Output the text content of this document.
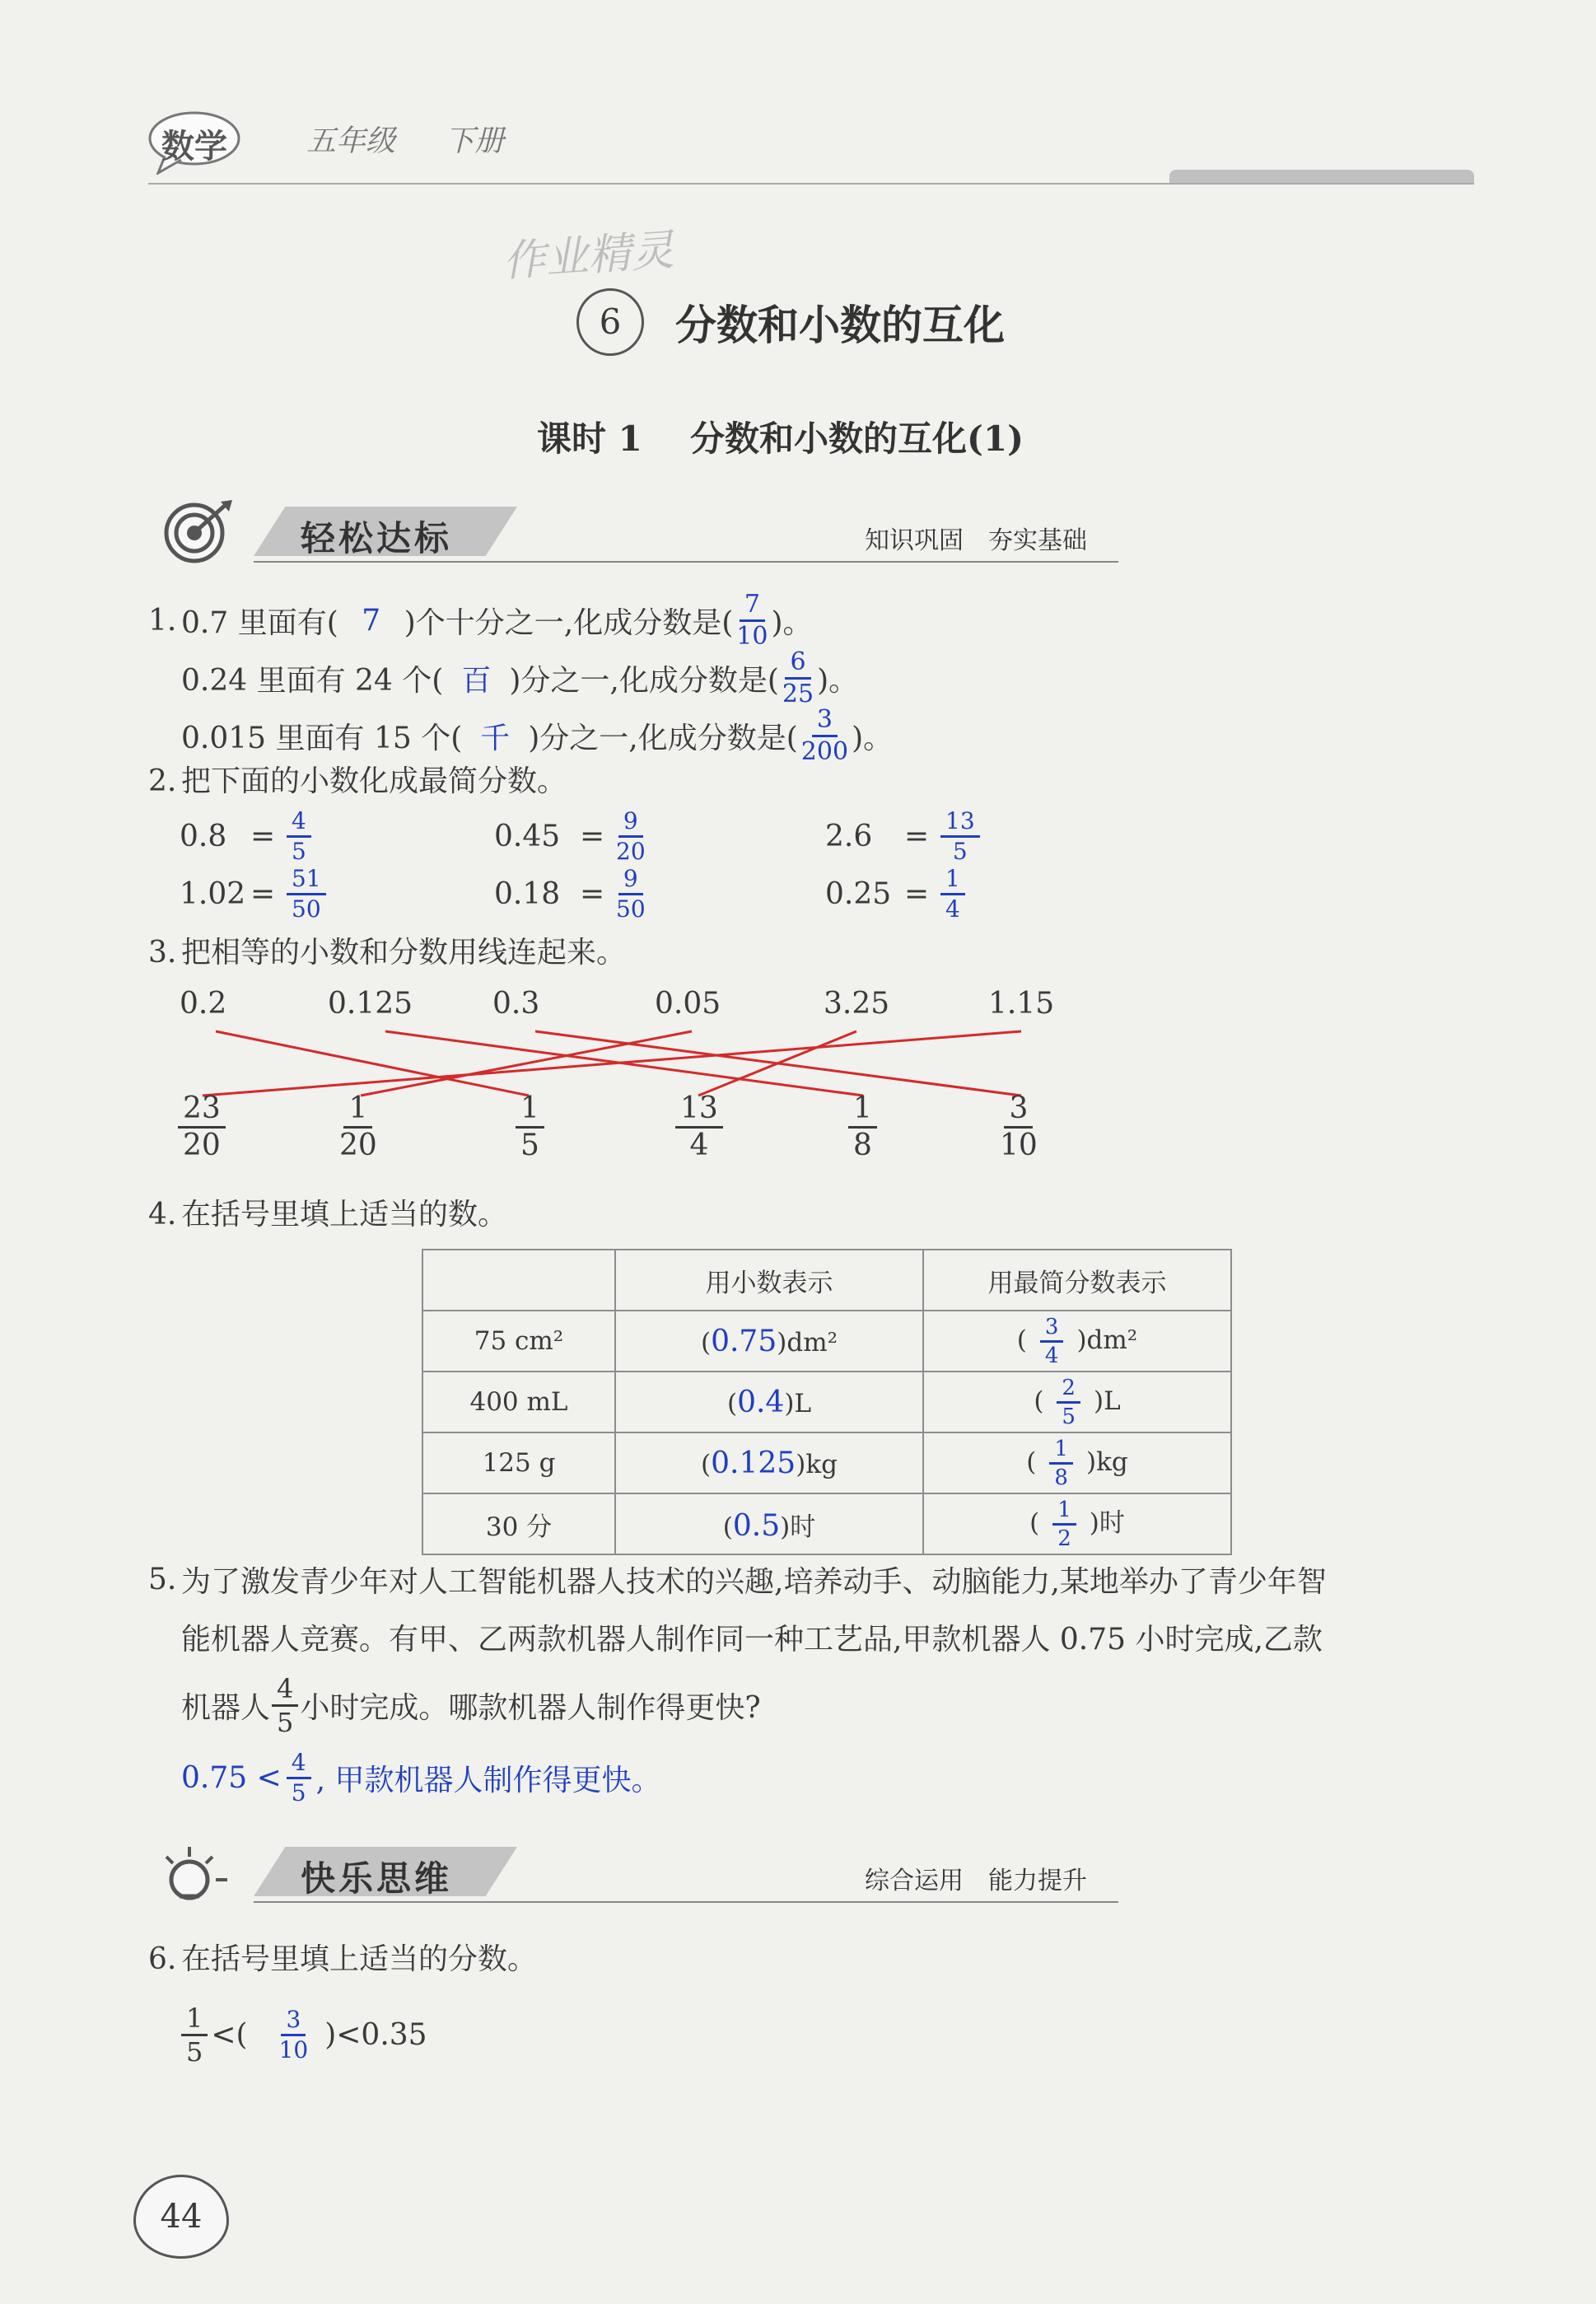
数学	五年级 下册
作业精灵
6	分数和小数的互化
课时 1 分数和小数的互化(1)
轻松达标	知识巩固　夯实基础
1. 0.7 里面有( 7 )个十分之一,化成分数是( $\frac{7}{10}$ )。
0.24 里面有 24 个( 百 )分之一,化成分数是( $\frac{6}{25}$ )。
0.015 里面有 15 个( 千 )分之一,化成分数是( $\frac{3}{200}$ )。
2. 把下面的小数化成最简分数。
$0.8 = \frac{4}{5}$	$0.45 = \frac{9}{20}$	2.6	= $\frac{13}{5}$
$1.02 = \frac{51}{50}$	$0.18 = \frac{9}{50}$	$0.25 = \frac{1}{4}$
3. 把相等的小数和分数用线连起来。
0.2	0.125	0.3	0.05	3.25	1.15
$\frac{23}{20}$	$\frac{1}{20}$	$\frac{1}{5}$	$\frac{13}{4}$	$\frac{1}{8}$	$\frac{3}{10}$
4. 在括号里填上适当的数。
	用小数表示	用最简分数表示
75 cm²	(0.75)dm²	( $\frac{3}{4} )dm^2$
400 mL	(0.4)L	( $\frac{2}{5} )L$
125 g	(0.125)kg	( $\frac{1}{8} )kg$
30 分	(0.5)时	( $\frac{1}{2}$ )时
5. 为了激发青少年对人工智能机器人技术的兴趣,培养动手、动脑能力,某地举办了青少年智
能机器人竞赛。有甲、乙两款机器人制作同一种工艺品,甲款机器人 0.75 小时完成,乙款
机器人 $\frac{4}{5}$ 小时完成。哪款机器人制作得更快?
$0.75 < \frac{4}{5}$ , 甲款机器人制作得更快。
快乐思维	综合运用　能力提升
6. 在括号里填上适当的分数。
$\frac{1}{5}$ <( $\frac{3}{10} )<0.35$
44
